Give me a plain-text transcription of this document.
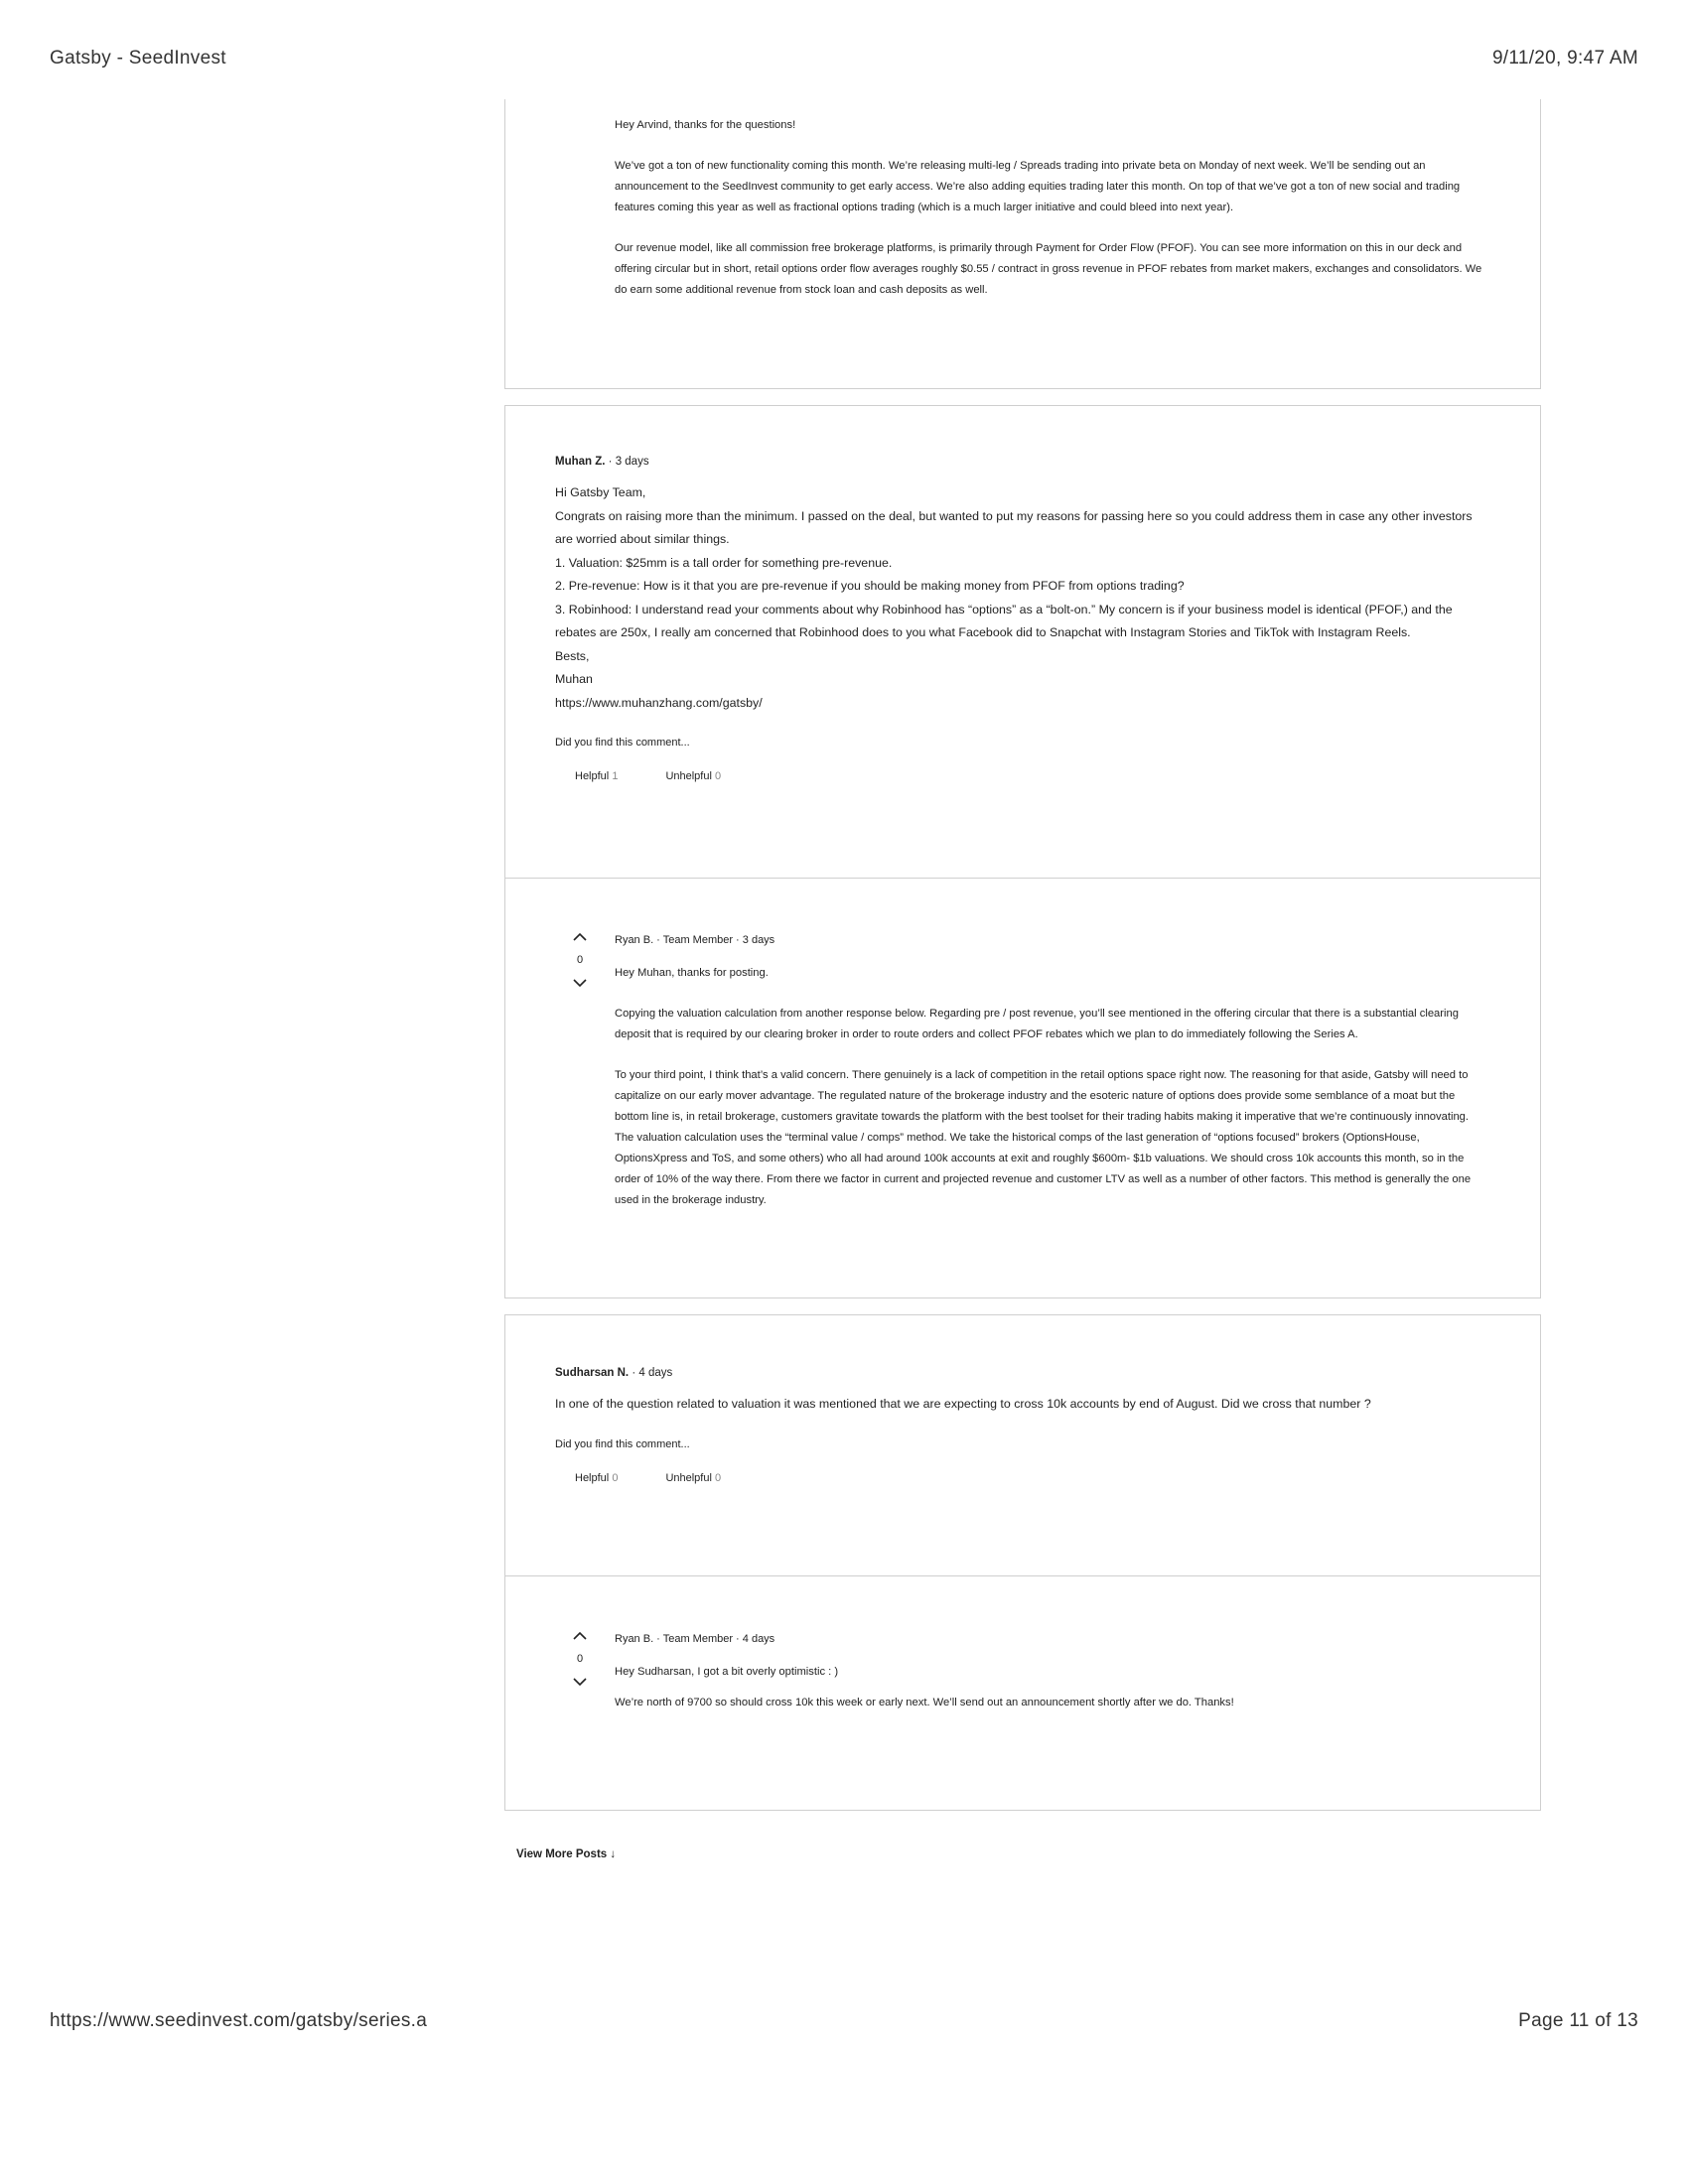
Gatsby - SeedInvest	9/11/20, 9:47 AM

Hey Arvind, thanks for the questions!

We’ve got a ton of new functionality coming this month. We’re releasing multi-leg / Spreads trading into private beta on Monday of next week. We’ll be sending out an announcement to the SeedInvest community to get early access. We’re also adding equities trading later this month. On top of that we’ve got a ton of new social and trading features coming this year as well as fractional options trading (which is a much larger initiative and could bleed into next year).

Our revenue model, like all commission free brokerage platforms, is primarily through Payment for Order Flow (PFOF). You can see more information on this in our deck and offering circular but in short, retail options order flow averages roughly $0.55 / contract in gross revenue in PFOF rebates from market makers, exchanges and consolidators. We do earn some additional revenue from stock loan and cash deposits as well.

Muhan Z. · 3 days
Hi Gatsby Team,
Congrats on raising more than the minimum. I passed on the deal, but wanted to put my reasons for passing here so you could address them in case any other investors are worried about similar things.
1. Valuation: $25mm is a tall order for something pre-revenue.
2. Pre-revenue: How is it that you are pre-revenue if you should be making money from PFOF from options trading?
3. Robinhood: I understand read your comments about why Robinhood has “options” as a “bolt-on.” My concern is if your business model is identical (PFOF,) and the rebates are 250x, I really am concerned that Robinhood does to you what Facebook did to Snapchat with Instagram Stories and TikTok with Instagram Reels.
Bests,
Muhan
https://www.muhanzhang.com/gatsby/
Did you find this comment...
Helpful 1	Unhelpful 0
0
Ryan B. · Team Member · 3 days

Hey Muhan, thanks for posting.

Copying the valuation calculation from another response below. Regarding pre / post revenue, you’ll see mentioned in the offering circular that there is a substantial clearing deposit that is required by our clearing broker in order to route orders and collect PFOF rebates which we plan to do immediately following the Series A.

To your third point, I think that’s a valid concern. There genuinely is a lack of competition in the retail options space right now. The reasoning for that aside, Gatsby will need to capitalize on our early mover advantage. The regulated nature of the brokerage industry and the esoteric nature of options does provide some semblance of a moat but the bottom line is, in retail brokerage, customers gravitate towards the platform with the best toolset for their trading habits making it imperative that we’re continuously innovating. The valuation calculation uses the “terminal value / comps” method. We take the historical comps of the last generation of “options focused” brokers (OptionsHouse, OptionsXpress and ToS, and some others) who all had around 100k accounts at exit and roughly $600m- $1b valuations. We should cross 10k accounts this month, so in the order of 10% of the way there. From there we factor in current and projected revenue and customer LTV as well as a number of other factors. This method is generally the one used in the brokerage industry.

Sudharsan N. · 4 days
In one of the question related to valuation it was mentioned that we are expecting to cross 10k accounts by end of August. Did we cross that number ?
Did you find this comment...
Helpful 0	Unhelpful 0
0
Ryan B. · Team Member · 4 days

Hey Sudharsan, I got a bit overly optimistic : )

We’re north of 9700 so should cross 10k this week or early next. We’ll send out an announcement shortly after we do. Thanks!

View More Posts ↓
https://www.seedinvest.com/gatsby/series.a	Page 11 of 13
